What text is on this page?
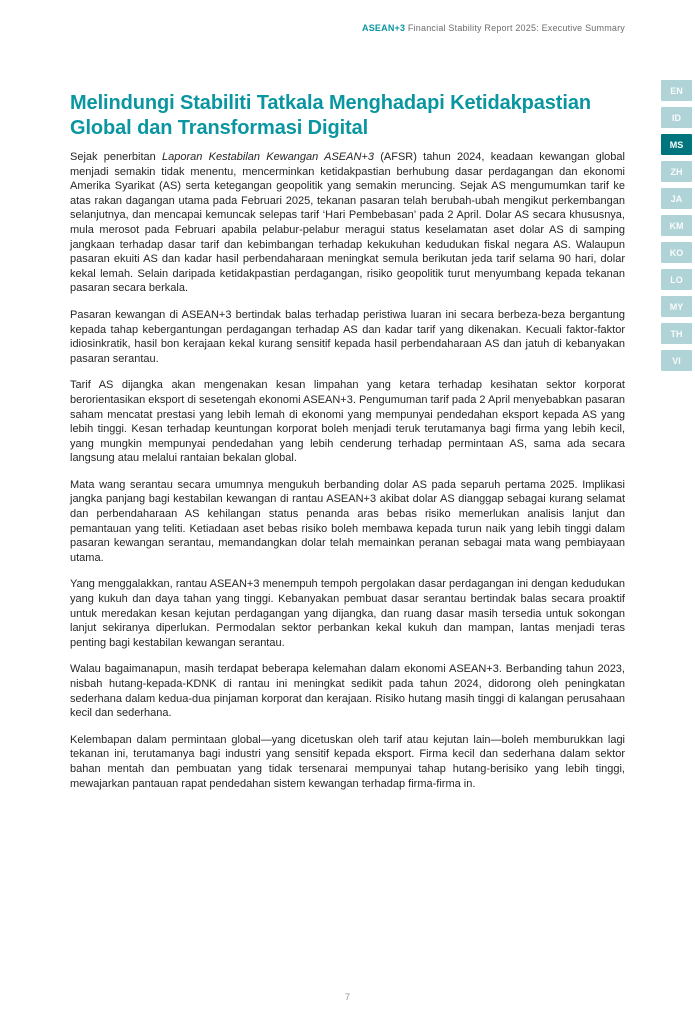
ASEAN+3 Financial Stability Report 2025: Executive Summary
EN
ID
MS
ZH
JA
KM
KO
LO
MY
TH
VI
Melindungi Stabiliti Tatkala Menghadapi Ketidakpastian Global dan Transformasi Digital

Sejak penerbitan Laporan Kestabilan Kewangan ASEAN+3 (AFSR) tahun 2024, keadaan kewangan global menjadi semakin tidak menentu, mencerminkan ketidakpastian berhubung dasar perdagangan dan ekonomi Amerika Syarikat (AS) serta ketegangan geopolitik yang semakin meruncing. Sejak AS mengumumkan tarif ke atas rakan dagangan utama pada Februari 2025, tekanan pasaran telah berubah-ubah mengikut perkembangan selanjutnya, dan mencapai kemuncak selepas tarif ‘Hari Pembebasan’ pada 2 April. Dolar AS secara khususnya, mula merosot pada Februari apabila pelabur-pelabur meragui status keselamatan aset dolar AS di samping jangkaan terhadap dasar tarif dan kebimbangan terhadap kekukuhan kedudukan fiskal negara AS. Walaupun pasaran ekuiti AS dan kadar hasil perbendaharaan meningkat semula berikutan jeda tarif selama 90 hari, dolar kekal lemah. Selain daripada ketidakpastian perdagangan, risiko geopolitik turut menyumbang kepada tekanan pasaran secara berkala.

Pasaran kewangan di ASEAN+3 bertindak balas terhadap peristiwa luaran ini secara berbeza-beza bergantung kepada tahap kebergantungan perdagangan terhadap AS dan kadar tarif yang dikenakan. Kecuali faktor-faktor idiosinkratik, hasil bon kerajaan kekal kurang sensitif kepada hasil perbendaharaan AS dan jatuh di kebanyakan pasaran serantau.

Tarif AS dijangka akan mengenakan kesan limpahan yang ketara terhadap kesihatan sektor korporat berorientasikan eksport di sesetengah ekonomi ASEAN+3. Pengumuman tarif pada 2 April menyebabkan pasaran saham mencatat prestasi yang lebih lemah di ekonomi yang mempunyai pendedahan eksport kepada AS yang lebih tinggi. Kesan terhadap keuntungan korporat boleh menjadi teruk terutamanya bagi firma yang lebih kecil, yang mungkin mempunyai pendedahan yang lebih cenderung terhadap permintaan AS, sama ada secara langsung atau melalui rantaian bekalan global.

Mata wang serantau secara umumnya mengukuh berbanding dolar AS pada separuh pertama 2025. Implikasi jangka panjang bagi kestabilan kewangan di rantau ASEAN+3 akibat dolar AS dianggap sebagai kurang selamat dan perbendaharaan AS kehilangan status penanda aras bebas risiko memerlukan analisis lanjut dan pemantauan yang teliti. Ketiadaan aset bebas risiko boleh membawa kepada turun naik yang lebih tinggi dalam pasaran kewangan serantau, memandangkan dolar telah memainkan peranan sebagai mata wang pembiayaan utama.

Yang menggalakkan, rantau ASEAN+3 menempuh tempoh pergolakan dasar perdagangan ini dengan kedudukan yang kukuh dan daya tahan yang tinggi. Kebanyakan pembuat dasar serantau bertindak balas secara proaktif untuk meredakan kesan kejutan perdagangan yang dijangka, dan ruang dasar masih tersedia untuk sokongan lanjut sekiranya diperlukan. Permodalan sektor perbankan kekal kukuh dan mampan, lantas menjadi teras penting bagi kestabilan kewangan serantau.

Walau bagaimanapun, masih terdapat beberapa kelemahan dalam ekonomi ASEAN+3. Berbanding tahun 2023, nisbah hutang-kepada-KDNK di rantau ini meningkat sedikit pada tahun 2024, didorong oleh peningkatan sederhana dalam kedua-dua pinjaman korporat dan kerajaan. Risiko hutang masih tinggi di kalangan perusahaan kecil dan sederhana.

Kelembapan dalam permintaan global—yang dicetuskan oleh tarif atau kejutan lain—boleh memburukkan lagi tekanan ini, terutamanya bagi industri yang sensitif kepada eksport. Firma kecil dan sederhana dalam sektor bahan mentah dan pembuatan yang tidak tersenarai mempunyai tahap hutang-berisiko yang lebih tinggi, mewajarkan pantauan rapat pendedahan sistem kewangan terhadap firma-firma in.

7
